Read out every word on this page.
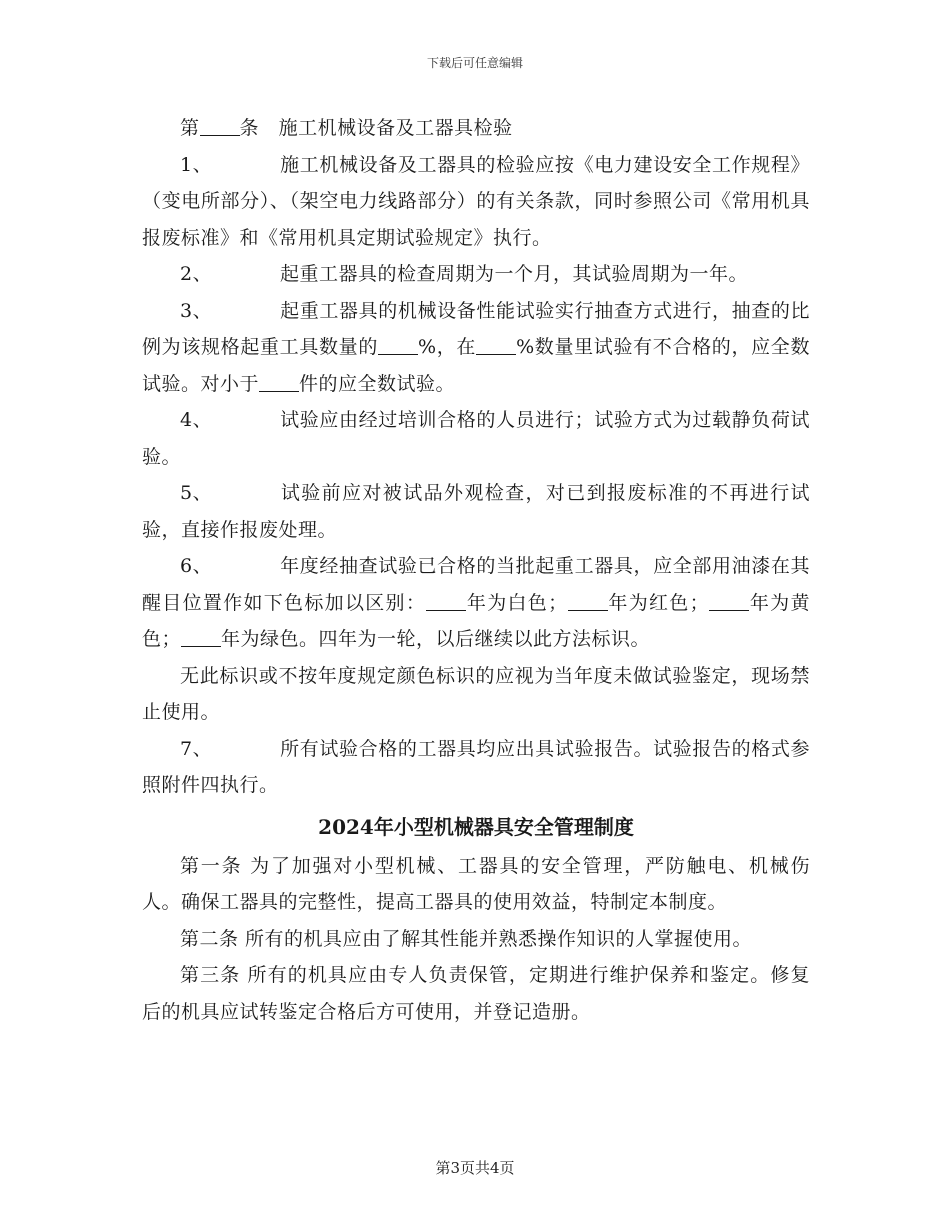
下载后可任意编辑

第 条 施工机械设备及工器具检验

1、	施工机械设备及工器具的检验应按《电力建设安全工作规程》（变电所部分）、（架空电力线路部分）的有关条款，同时参照公司《常用机具报废标准》和《常用机具定期试验规定》执行。

2、	起重工器具的检查周期为一个月，其试验周期为一年。

3、	起重工器具的机械设备性能试验实行抽查方式进行，抽查的比例为该规格起重工具数量的 %，在 %数量里试验有不合格的，应全数试验。对小于 件的应全数试验。

4、	试验应由经过培训合格的人员进行；试验方式为过载静负荷试验。

5、	试验前应对被试品外观检查，对已到报废标准的不再进行试验，直接作报废处理。

6、	年度经抽查试验已合格的当批起重工器具，应全部用油漆在其醒目位置作如下色标加以区别： 年为白色； 年为红色； 年为黄色； 年为绿色。四年为一轮，以后继续以此方法标识。

无此标识或不按年度规定颜色标识的应视为当年度未做试验鉴定，现场禁止使用。

7、	所有试验合格的工器具均应出具试验报告。试验报告的格式参照附件四执行。

2024年小型机械器具安全管理制度

第一条 为了加强对小型机械、工器具的安全管理，严防触电、机械伤人。确保工器具的完整性，提高工器具的使用效益，特制定本制度。

第二条 所有的机具应由了解其性能并熟悉操作知识的人掌握使用。

第三条 所有的机具应由专人负责保管，定期进行维护保养和鉴定。修复后的机具应试转鉴定合格后方可使用，并登记造册。

第3页共4页
